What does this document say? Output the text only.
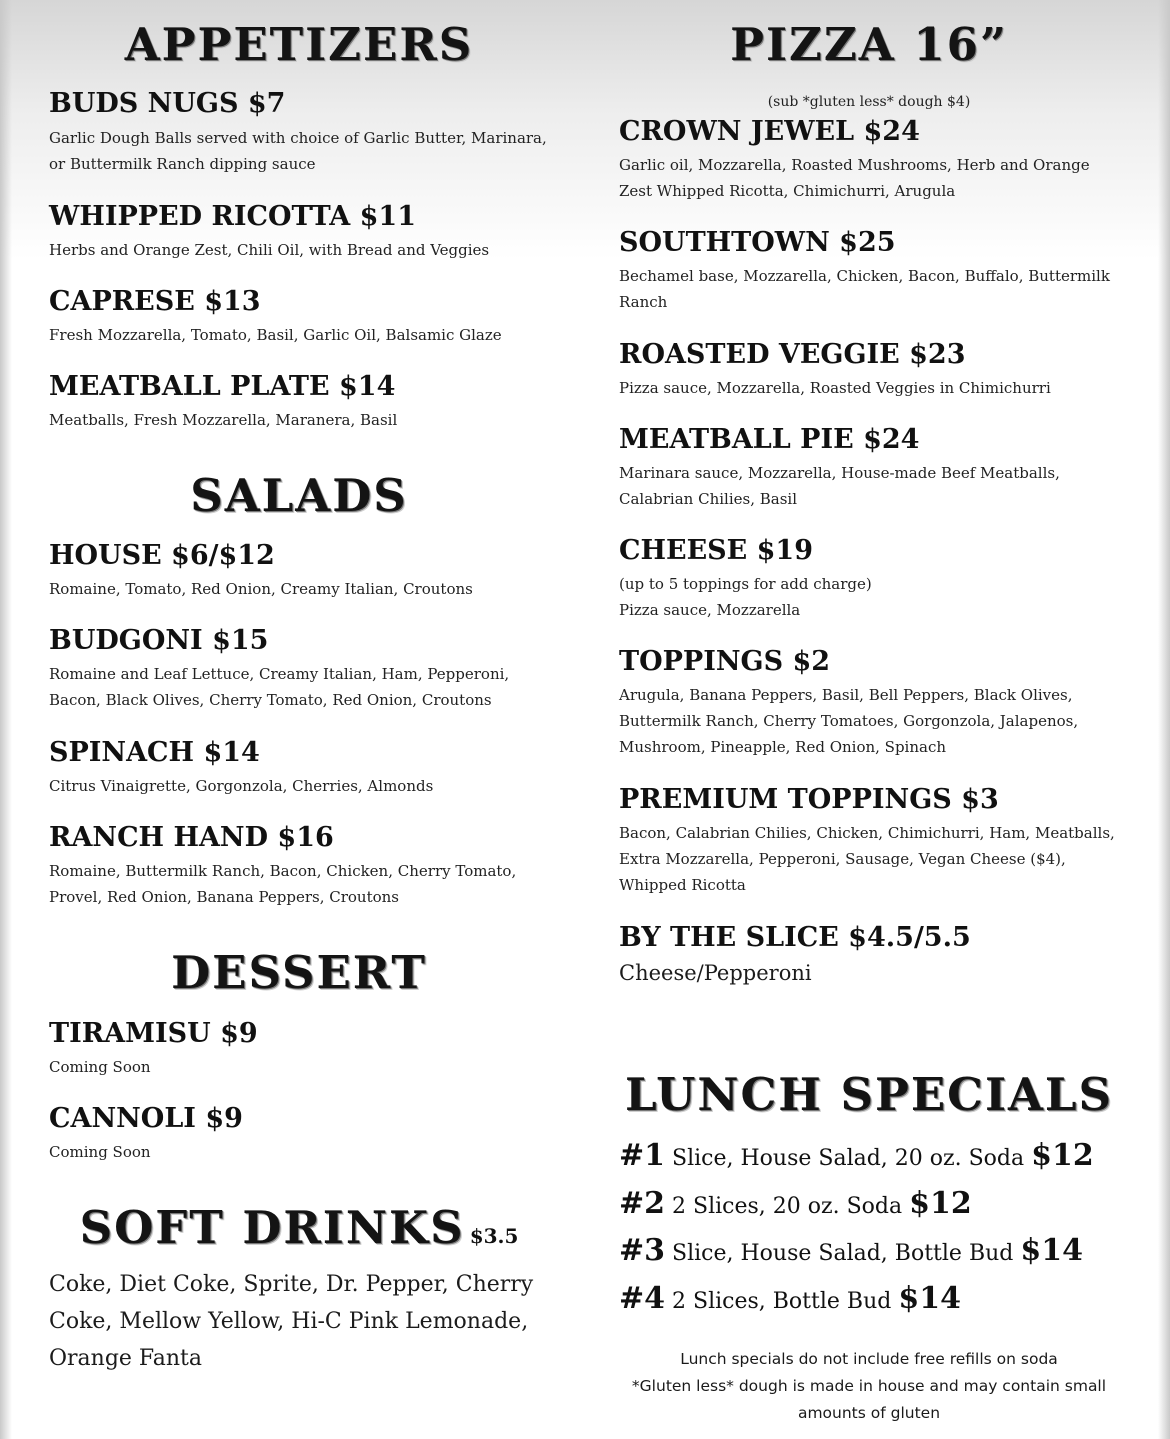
APPETIZERS

BUDS NUGS $7

Garlic Dough Balls served with choice of Garlic Butter, Marinara, or Buttermilk Ranch dipping sauce

WHIPPED RICOTTA $11

Herbs and Orange Zest, Chili Oil, with Bread and Veggies

CAPRESE $13

Fresh Mozzarella, Tomato, Basil, Garlic Oil, Balsamic Glaze

MEATBALL PLATE $14

Meatballs, Fresh Mozzarella, Maranera, Basil

SALADS

HOUSE $6/$12

Romaine, Tomato, Red Onion, Creamy Italian, Croutons

BUDGONI $15

Romaine and Leaf Lettuce, Creamy Italian, Ham, Pepperoni, Bacon, Black Olives, Cherry Tomato, Red Onion, Croutons

SPINACH $14

Citrus Vinaigrette, Gorgonzola, Cherries, Almonds

RANCH HAND $16

Romaine, Buttermilk Ranch, Bacon, Chicken, Cherry Tomato, Provel, Red Onion, Banana Peppers, Croutons

DESSERT

TIRAMISU $9

Coming Soon

CANNOLI $9

Coming Soon

SOFT DRINKS $3.5

Coke, Diet Coke, Sprite, Dr. Pepper, Cherry Coke, Mellow Yellow, Hi-C Pink Lemonade, Orange Fanta

PIZZA 16”

(sub *gluten less* dough $4)

CROWN JEWEL $24

Garlic oil, Mozzarella, Roasted Mushrooms, Herb and Orange Zest Whipped Ricotta, Chimichurri, Arugula

SOUTHTOWN $25

Bechamel base, Mozzarella, Chicken, Bacon, Buffalo, Buttermilk Ranch

ROASTED VEGGIE $23

Pizza sauce, Mozzarella, Roasted Veggies in Chimichurri

MEATBALL PIE $24

Marinara sauce, Mozzarella, House-made Beef Meatballs, Calabrian Chilies, Basil

CHEESE $19

(up to 5 toppings for add charge)

Pizza sauce, Mozzarella

TOPPINGS $2

Arugula, Banana Peppers, Basil, Bell Peppers, Black Olives, Buttermilk Ranch, Cherry Tomatoes, Gorgonzola, Jalapenos, Mushroom, Pineapple, Red Onion, Spinach

PREMIUM TOPPINGS $3

Bacon, Calabrian Chilies, Chicken, Chimichurri, Ham, Meatballs, Extra Mozzarella, Pepperoni, Sausage, Vegan Cheese ($4), Whipped Ricotta

BY THE SLICE $4.5/5.5

Cheese/Pepperoni

LUNCH SPECIALS

#1 Slice, House Salad, 20 oz. Soda $12

#2 2 Slices, 20 oz. Soda $12

#3 Slice, House Salad, Bottle Bud $14

#4 2 Slices, Bottle Bud $14

Lunch specials do not include free refills on soda

*Gluten less* dough is made in house and may contain small

amounts of gluten
